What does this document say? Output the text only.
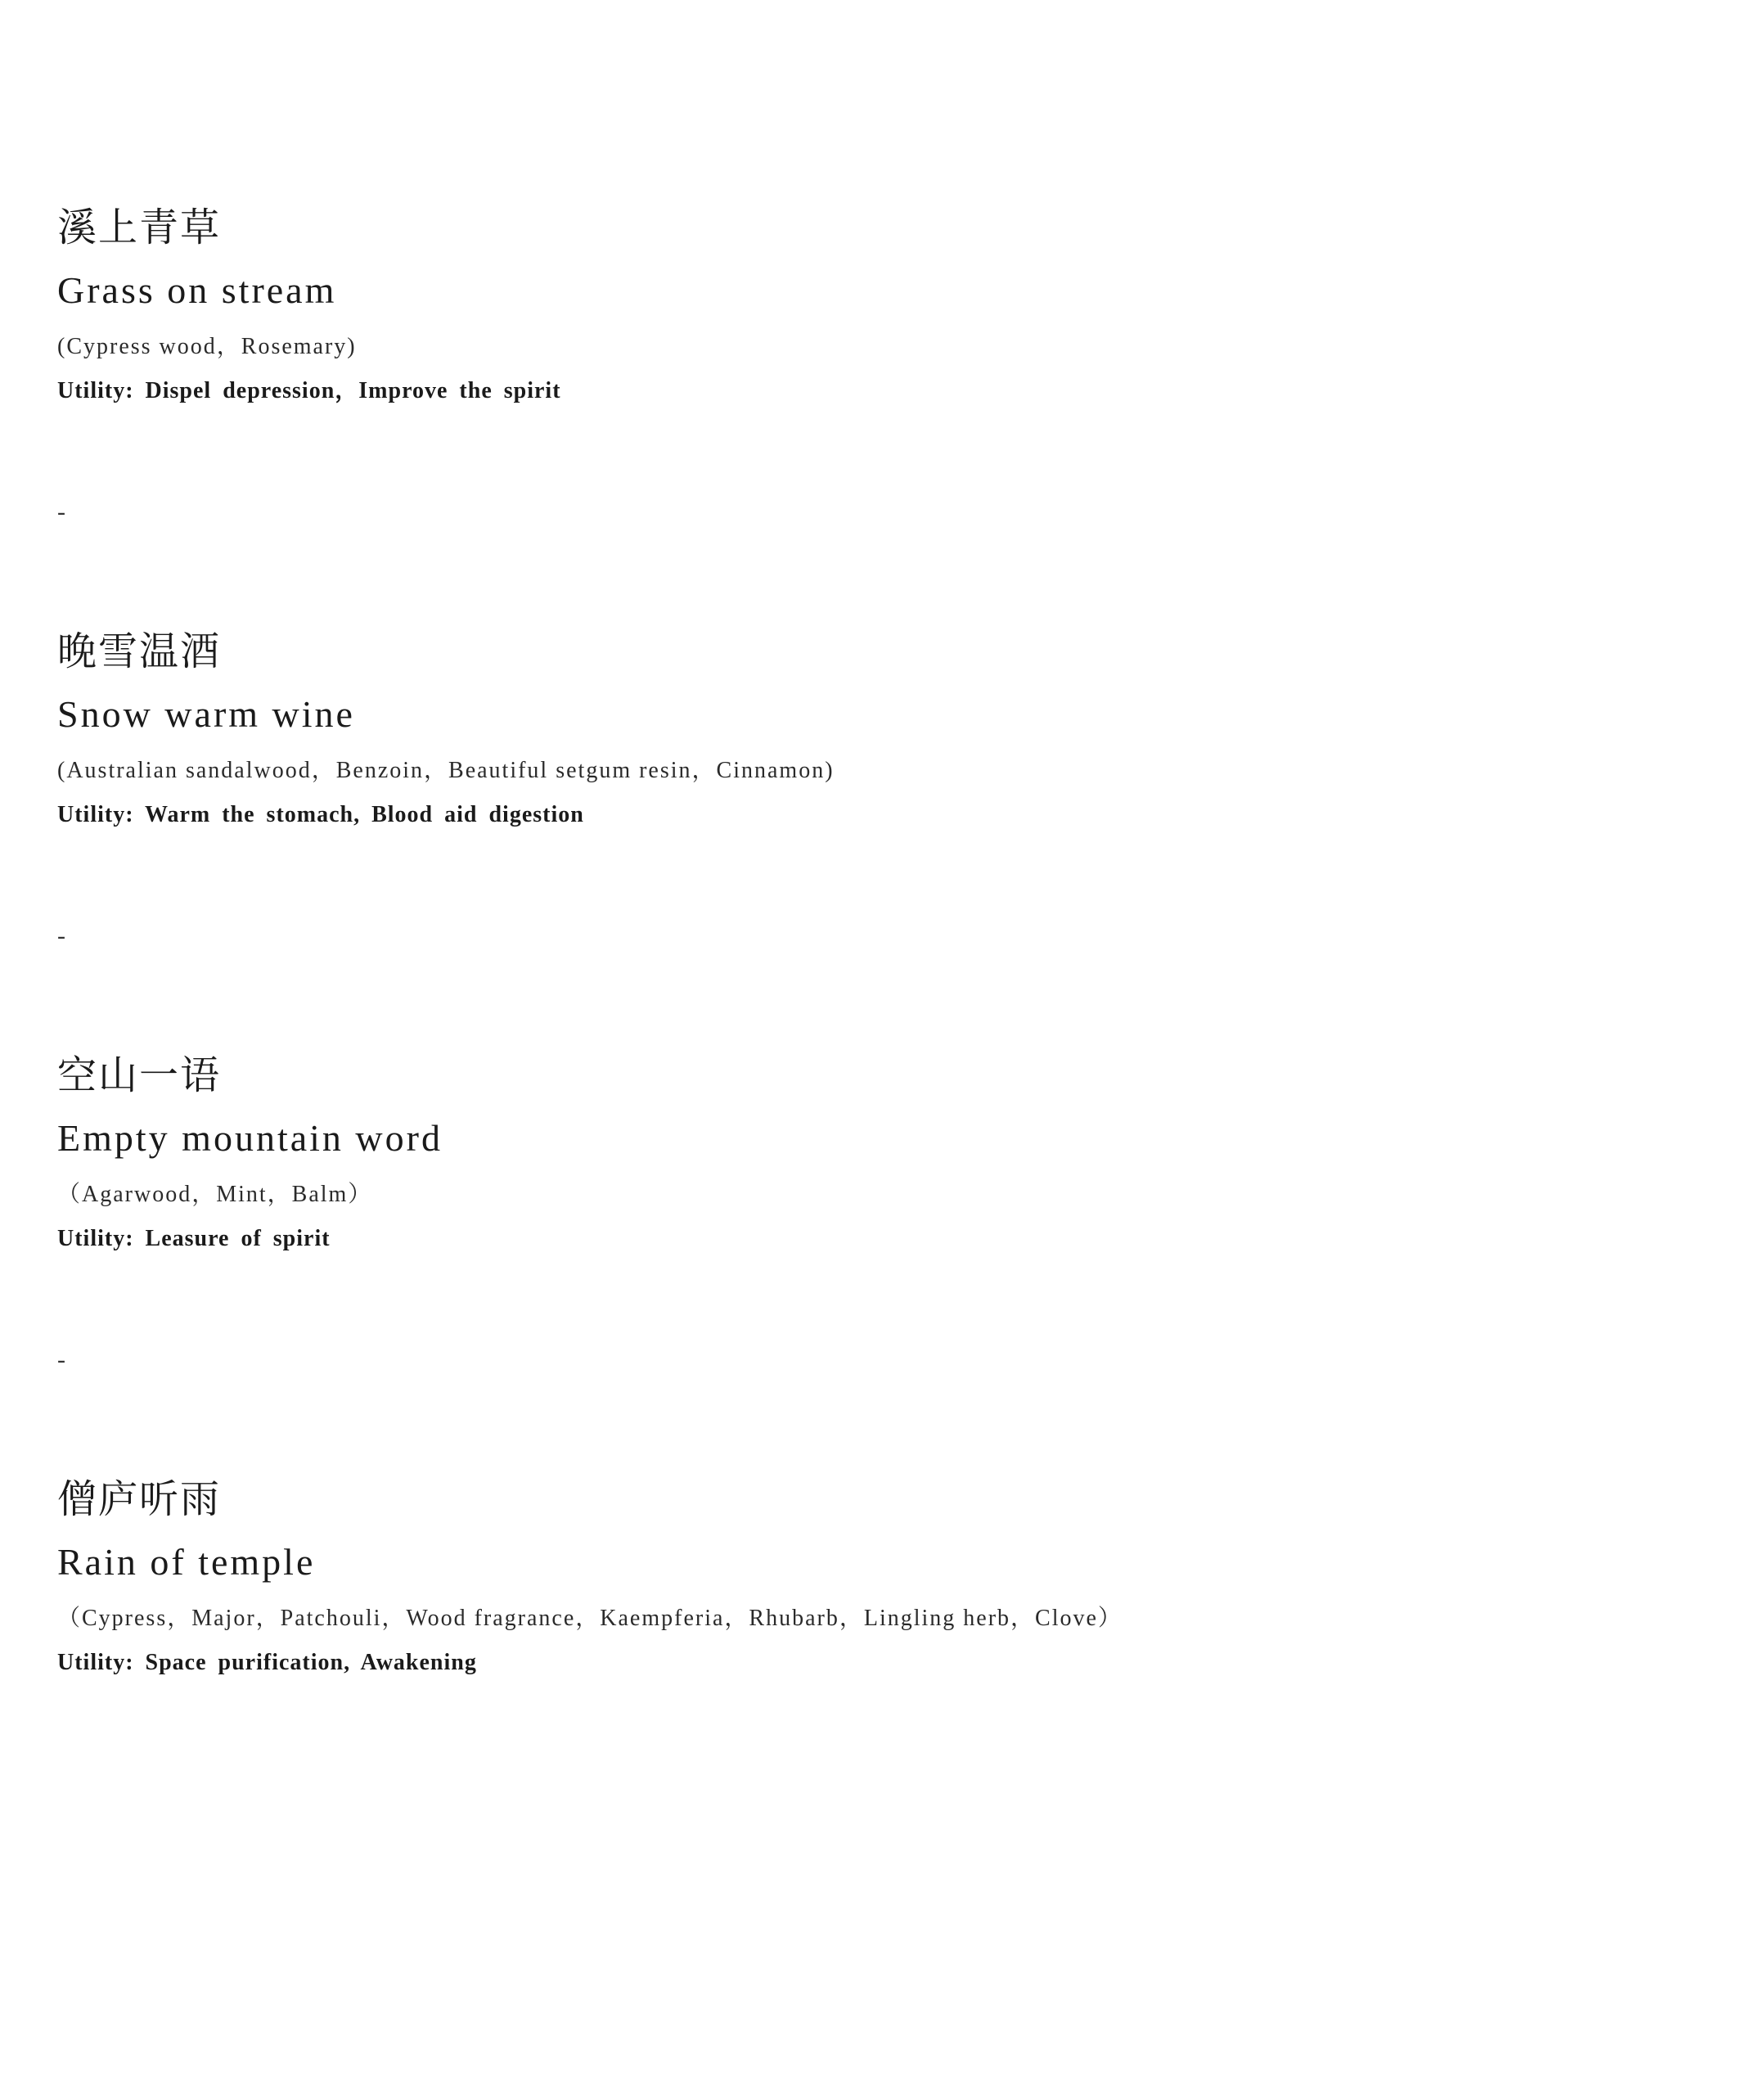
溪上青草
Grass on stream
(Cypress wood，Rosemary)
Utility: Dispel depression，Improve the spirit
-
晚雪温酒
Snow warm wine
(Australian sandalwood，Benzoin，Beautiful setgum resin，Cinnamon)
Utility: Warm the stomach, Blood aid digestion
-
空山一语
Empty mountain word
（Agarwood，Mint，Balm）
Utility: Leasure of spirit
-
僧庐听雨
Rain of temple
（Cypress，Major，Patchouli，Wood fragrance，Kaempferia，Rhubarb，Lingling herb，Clove）
Utility: Space purification, Awakening
